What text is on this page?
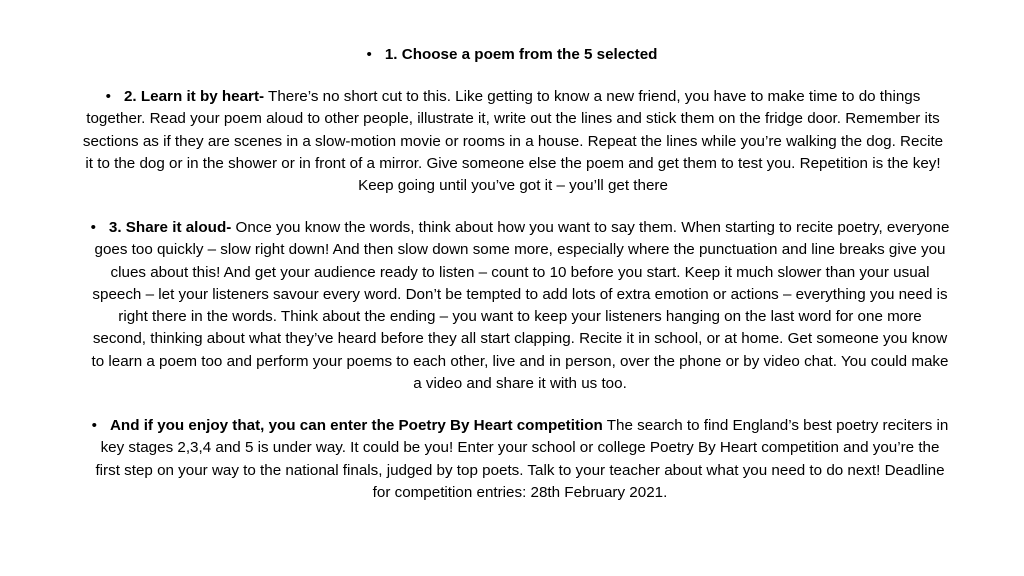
• 1. Choose a poem from the 5 selected

• 2. Learn it by heart- There’s no short cut to this. Like getting to know a new friend, you have to make time to do things together. Read your poem aloud to other people, illustrate it, write out the lines and stick them on the fridge door. Remember its sections as if they are scenes in a slow-motion movie or rooms in a house. Repeat the lines while you’re walking the dog. Recite it to the dog or in the shower or in front of a mirror. Give someone else the poem and get them to test you. Repetition is the key! Keep going until you’ve got it – you’ll get there

• 3. Share it aloud- Once you know the words, think about how you want to say them. When starting to recite poetry, everyone goes too quickly – slow right down! And then slow down some more, especially where the punctuation and line breaks give you clues about this! And get your audience ready to listen – count to 10 before you start. Keep it much slower than your usual speech – let your listeners savour every word. Don’t be tempted to add lots of extra emotion or actions – everything you need is right there in the words. Think about the ending – you want to keep your listeners hanging on the last word for one more second, thinking about what they’ve heard before they all start clapping. Recite it in school, or at home. Get someone you know to learn a poem too and perform your poems to each other, live and in person, over the phone or by video chat. You could make a video and share it with us too.

• And if you enjoy that, you can enter the Poetry By Heart competition The search to find England’s best poetry reciters in key stages 2,3,4 and 5 is under way. It could be you! Enter your school or college Poetry By Heart competition and you’re the first step on your way to the national finals, judged by top poets. Talk to your teacher about what you need to do next! Deadline for competition entries: 28th February 2021.
